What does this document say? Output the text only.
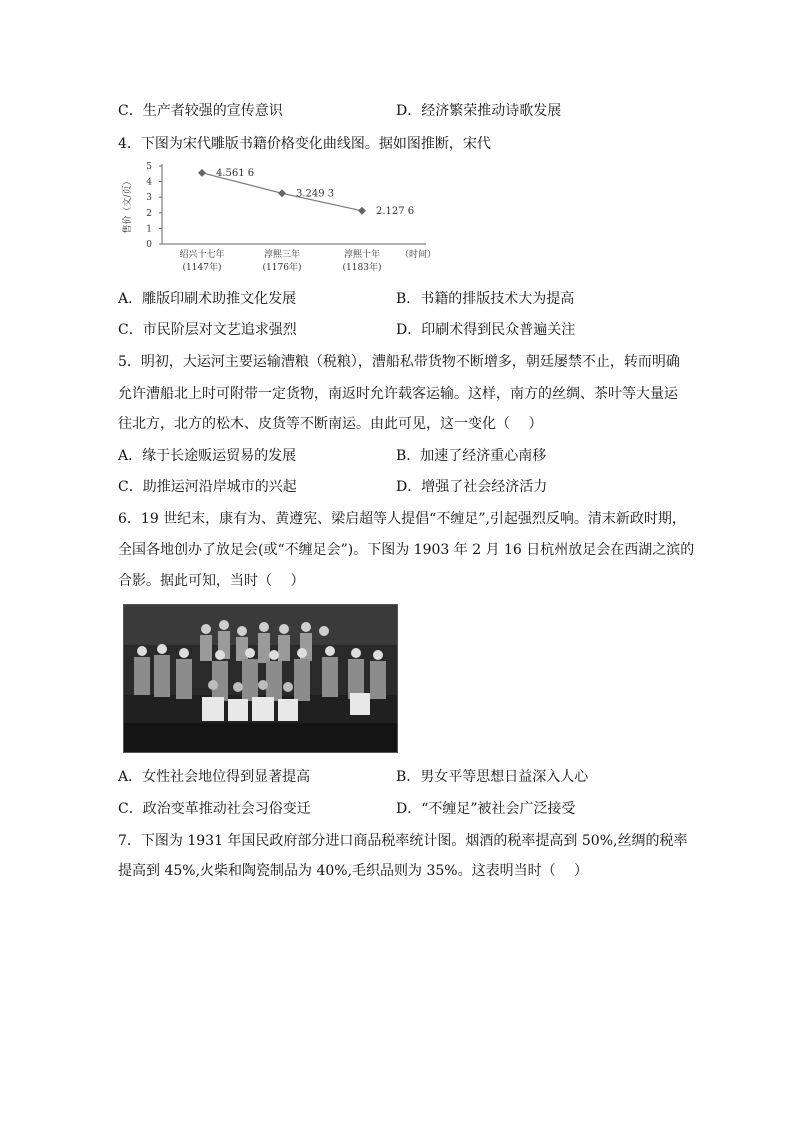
C．生产者较强的宣传意识	D．经济繁荣推动诗歌发展
4．下图为宋代雕版书籍价格变化曲线图。据如图推断，宋代
0
1
2
3
4
5
绍兴十七年
(1147年)
淳熙三年
(1176年)
淳熙十年
(1183年)
4.561 6
3.249 3
2.127 6
售价（文/页）
（时间）
A．雕版印刷术助推文化发展	B．书籍的排版技术大为提高
C．市民阶层对文艺追求强烈	D．印刷术得到民众普遍关注
5．明初，大运河主要运输漕粮（税粮），漕船私带货物不断增多，朝廷屡禁不止，转而明确
允许漕船北上时可附带一定货物，南返时允许载客运输。这样，南方的丝绸、茶叶等大量运
往北方，北方的松木、皮货等不断南运。由此可见，这一变化（　 ）
A．缘于长途贩运贸易的发展	B．加速了经济重心南移
C．助推运河沿岸城市的兴起	D．增强了社会经济活力
6．19 世纪末，康有为、黄遵宪、梁启超等人提倡“不缠足”,引起强烈反响。清末新政时期，
全国各地创办了放足会(或“不缠足会”)。下图为 1903 年 2 月 16 日杭州放足会在西湖之滨的
合影。据此可知，当时（　 ）
A．女性社会地位得到显著提高	B．男女平等思想日益深入人心
C．政治变革推动社会习俗变迁	D．“不缠足”被社会广泛接受
7．下图为 1931 年国民政府部分进口商品税率统计图。烟酒的税率提高到 50%,丝绸的税率
提高到 45%,火柴和陶瓷制品为 40%,毛织品则为 35%。这表明当时（　 ）
